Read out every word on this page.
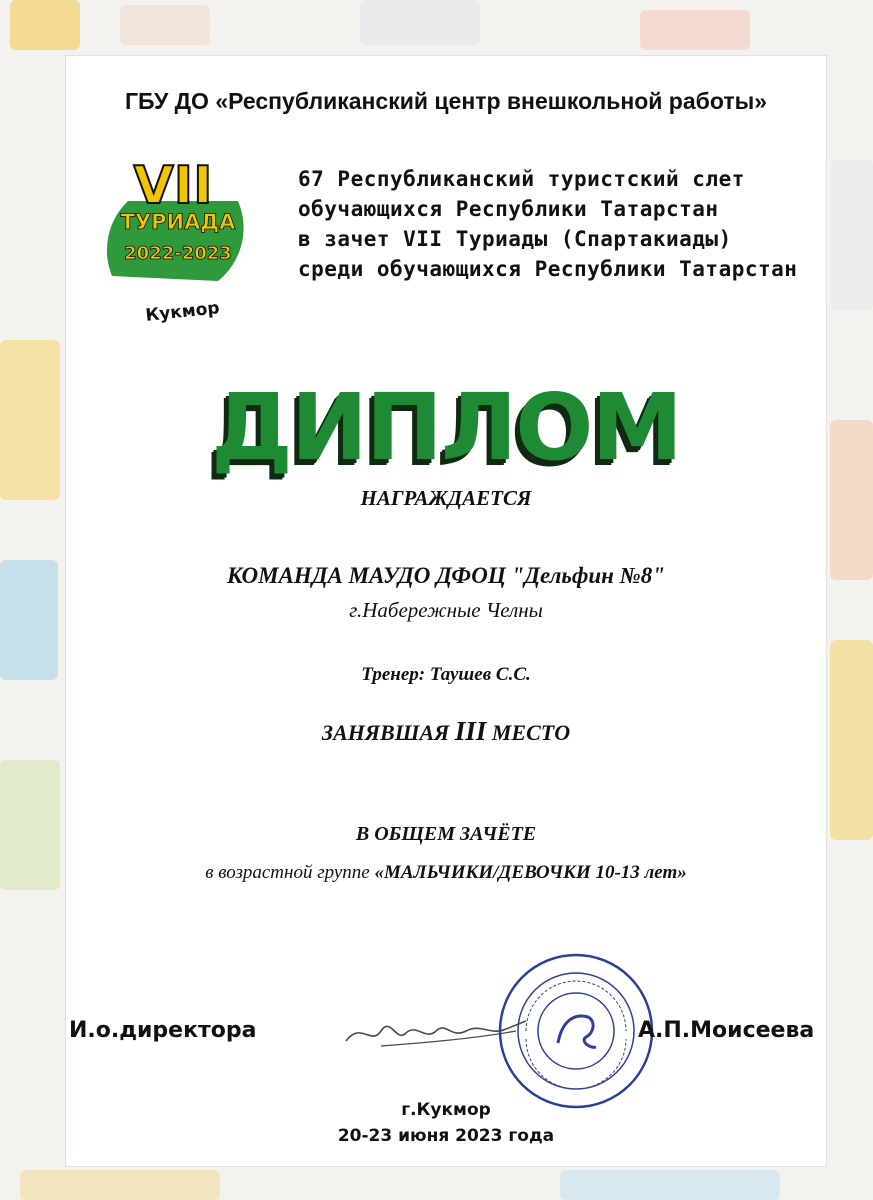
ГБУ ДО «Республиканский центр внешкольной работы»
VII
ТУРИАДА
2022-2023
Кукмор
67 Республиканский туристский слет
обучающихся Республики Татарстан
в зачет VII Туриады (Спартакиады)
среди обучающихся Республики Татарстан
ДИПЛОМ
НАГРАЖДАЕТСЯ
КОМАНДА МАУДО ДФОЦ "Дельфин №8"
г.Набережные Челны
Тренер: Таушев С.С.
ЗАНЯВШАЯ III МЕСТО
В ОБЩЕМ ЗАЧЁТЕ
в возрастной группе «МАЛЬЧИКИ/ДЕВОЧКИ 10-13 лет»
И.о.директора	А.П.Моисеева
г.Кукмор
20-23 июня 2023 года
